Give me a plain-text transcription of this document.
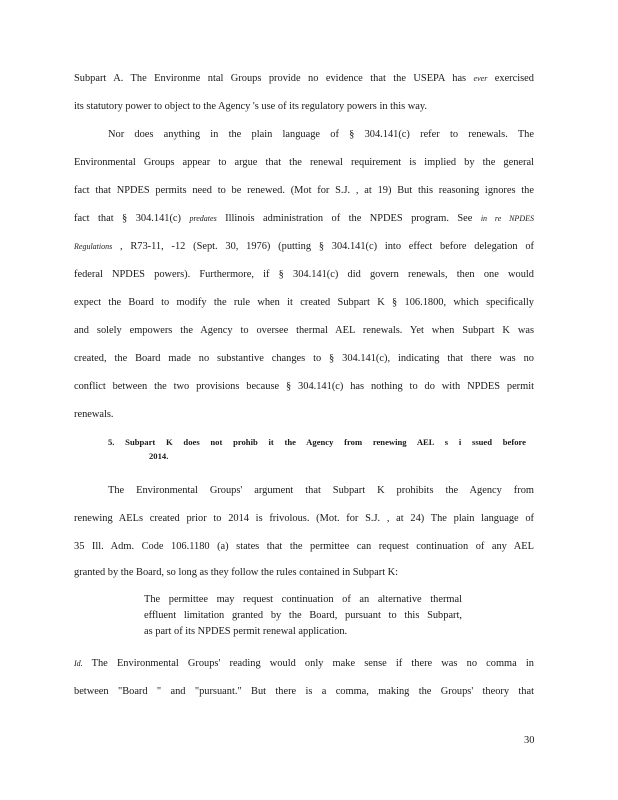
Subpart A. The Environme ntal Groups provide no evidence that the USEPA has ever exercised
its statutory power to object to the Agency 's use of its regulatory powers in this way.
Nor does anything in the plain language of § 304.141(c) refer to renewals. The
Environmental Groups appear to argue that the renewal requirement is implied by the general
fact that NPDES permits need to be renewed. (Mot for S.J. , at 19) But this reasoning ignores the
fact that § 304.141(c) predates Illinois administration of the NPDES program. See in re NPDES
Regulations , R73-11, -12 (Sept. 30, 1976) (putting § 304.141(c) into effect before delegation of
federal NPDES powers). Furthermore, if § 304.141(c) did govern renewals, then one would
expect the Board to modify the rule when it created Subpart K § 106.1800, which specifically
and solely empowers the Agency to oversee thermal AEL renewals. Yet when Subpart K was
created, the Board made no substantive changes to § 304.141(c), indicating that there was no
conflict between the two provisions because § 304.141(c) has nothing to do with NPDES permit
renewals.
5. Subpart K does not prohib it the Agency from renewing AEL s i ssued before
2014.
The Environmental Groups' argument that Subpart K prohibits the Agency from
renewing AELs created prior to 2014 is frivolous. (Mot. for S.J. , at 24) The plain language of
35 Ill. Adm. Code 106.1180 (a) states that the permittee can request continuation of any AEL
granted by the Board, so long as they follow the rules contained in Subpart K:
The permittee may request continuation of an alternative thermal
effluent limitation granted by the Board, pursuant to this Subpart,
as part of its NPDES permit renewal application.
Id. The Environmental Groups' reading would only make sense if there was no comma in
between "Board " and "pursuant." But there is a comma, making the Groups' theory that
30
